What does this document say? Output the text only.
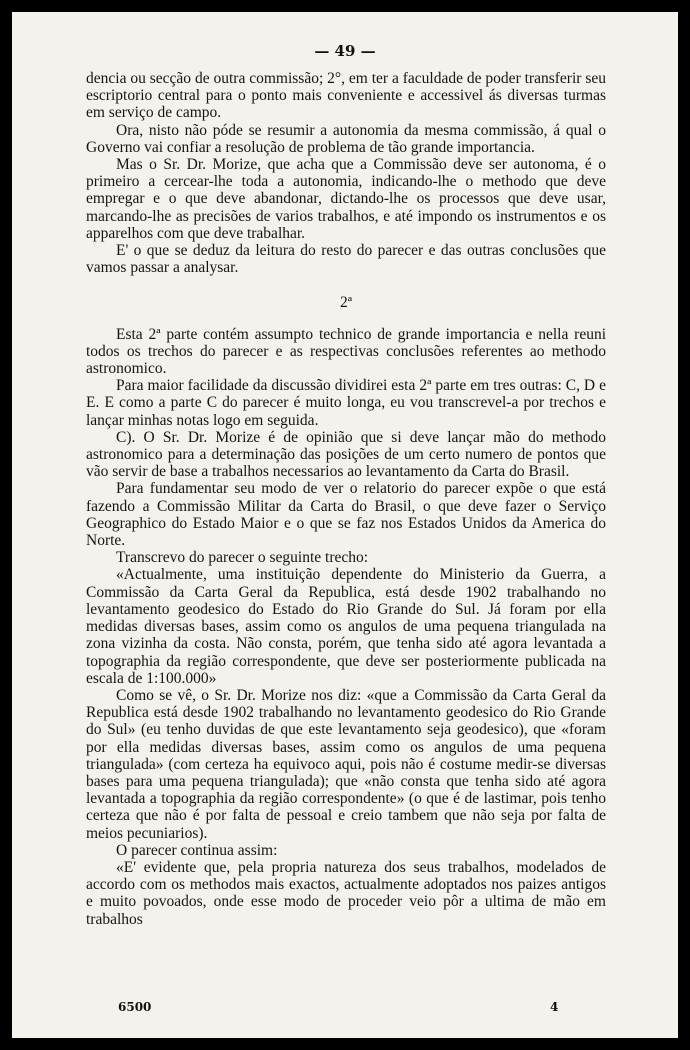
— 49 —

dencia ou secção de outra commissão; 2°, em ter a faculdade de poder transferir seu escriptorio central para o ponto mais conveniente e accessivel ás diversas turmas em serviço de campo.

Ora, nisto não póde se resumir a autonomia da mesma commissão, á qual o Governo vai confiar a resolução de problema de tão grande importancia.

Mas o Sr. Dr. Morize, que acha que a Commissão deve ser autonoma, é o primeiro a cercear-lhe toda a autonomia, indicando-lhe o methodo que deve empregar e o que deve abandonar, dictando-lhe os processos que deve usar, marcando-lhe as precisões de varios trabalhos, e até impondo os instrumentos e os apparelhos com que deve trabalhar.

E' o que se deduz da leitura do resto do parecer e das outras conclusões que vamos passar a analysar.

2ª

Esta 2ª parte contém assumpto technico de grande importancia e nella reuni todos os trechos do parecer e as respectivas conclusões referentes ao methodo astronomico.

Para maior facilidade da discussão dividirei esta 2ª parte em tres outras: C, D e E. E como a parte C do parecer é muito longa, eu vou transcrevel-a por trechos e lançar minhas notas logo em seguida.

C). O Sr. Dr. Morize é de opinião que si deve lançar mão do methodo astronomico para a determinação das posições de um certo numero de pontos que vão servir de base a trabalhos necessarios ao levantamento da Carta do Brasil.

Para fundamentar seu modo de ver o relatorio do parecer expõe o que está fazendo a Commissão Militar da Carta do Brasil, o que deve fazer o Serviço Geographico do Estado Maior e o que se faz nos Estados Unidos da America do Norte.

Transcrevo do parecer o seguinte trecho:

«Actualmente, uma instituição dependente do Ministerio da Guerra, a Commissão da Carta Geral da Republica, está desde 1902 trabalhando no levantamento geodesico do Estado do Rio Grande do Sul. Já foram por ella medidas diversas bases, assim como os angulos de uma pequena triangulada na zona vizinha da costa. Não consta, porém, que tenha sido até agora levantada a topographia da região correspondente, que deve ser posteriormente publicada na escala de 1:100.000»

Como se vê, o Sr. Dr. Morize nos diz: «que a Commissão da Carta Geral da Republica está desde 1902 trabalhando no levantamento geodesico do Rio Grande do Sul» (eu tenho duvidas de que este levantamento seja geodesico), que «foram por ella medidas diversas bases, assim como os angulos de uma pequena triangulada» (com certeza ha equivoco aqui, pois não é costume medir-se diversas bases para uma pequena triangulada); que «não consta que tenha sido até agora levantada a topographia da região correspondente» (o que é de lastimar, pois tenho certeza que não é por falta de pessoal e creio tambem que não seja por falta de meios pecuniarios).

O parecer continua assim:

«E' evidente que, pela propria natureza dos seus trabalhos, modelados de accordo com os methodos mais exactos, actualmente adoptados nos paizes antigos e muito povoados, onde esse modo de proceder veio pôr a ultima de mão em trabalhos

6500	4
